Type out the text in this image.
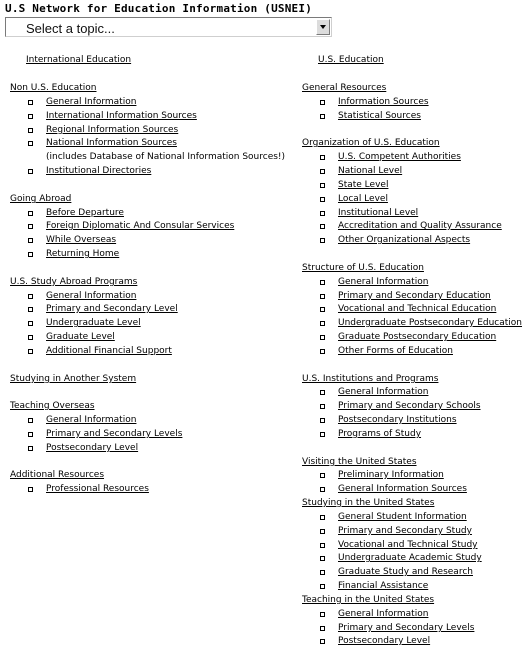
U.S Network for Education Information (USNEI)
Select a topic...
International Education
Non U.S. Education
General Information
International Information Sources
Regional Information Sources
National Information Sources
(includes Database of National Information Sources!)
Institutional Directories
Going Abroad
Before Departure
Foreign Diplomatic And Consular Services
While Overseas
Returning Home
U.S. Study Abroad Programs
General Information
Primary and Secondary Level
Undergraduate Level
Graduate Level
Additional Financial Support
Studying in Another System
Teaching Overseas
General Information
Primary and Secondary Levels
Postsecondary Level
Additional Resources
Professional Resources
U.S. Education
General Resources
Information Sources
Statistical Sources
Organization of U.S. Education
U.S. Competent Authorities
National Level
State Level
Local Level
Institutional Level
Accreditation and Quality Assurance
Other Organizational Aspects
Structure of U.S. Education
General Information
Primary and Secondary Education
Vocational and Technical Education
Undergraduate Postsecondary Education
Graduate Postsecondary Education
Other Forms of Education
U.S. Institutions and Programs
General Information
Primary and Secondary Schools
Postsecondary Institutions
Programs of Study
Visiting the United States
Preliminary Information
General Information Sources
Studying in the United States
General Student Information
Primary and Secondary Study
Vocational and Technical Study
Undergraduate Academic Study
Graduate Study and Research
Financial Assistance
Teaching in the United States
General Information
Primary and Secondary Levels
Postsecondary Level
